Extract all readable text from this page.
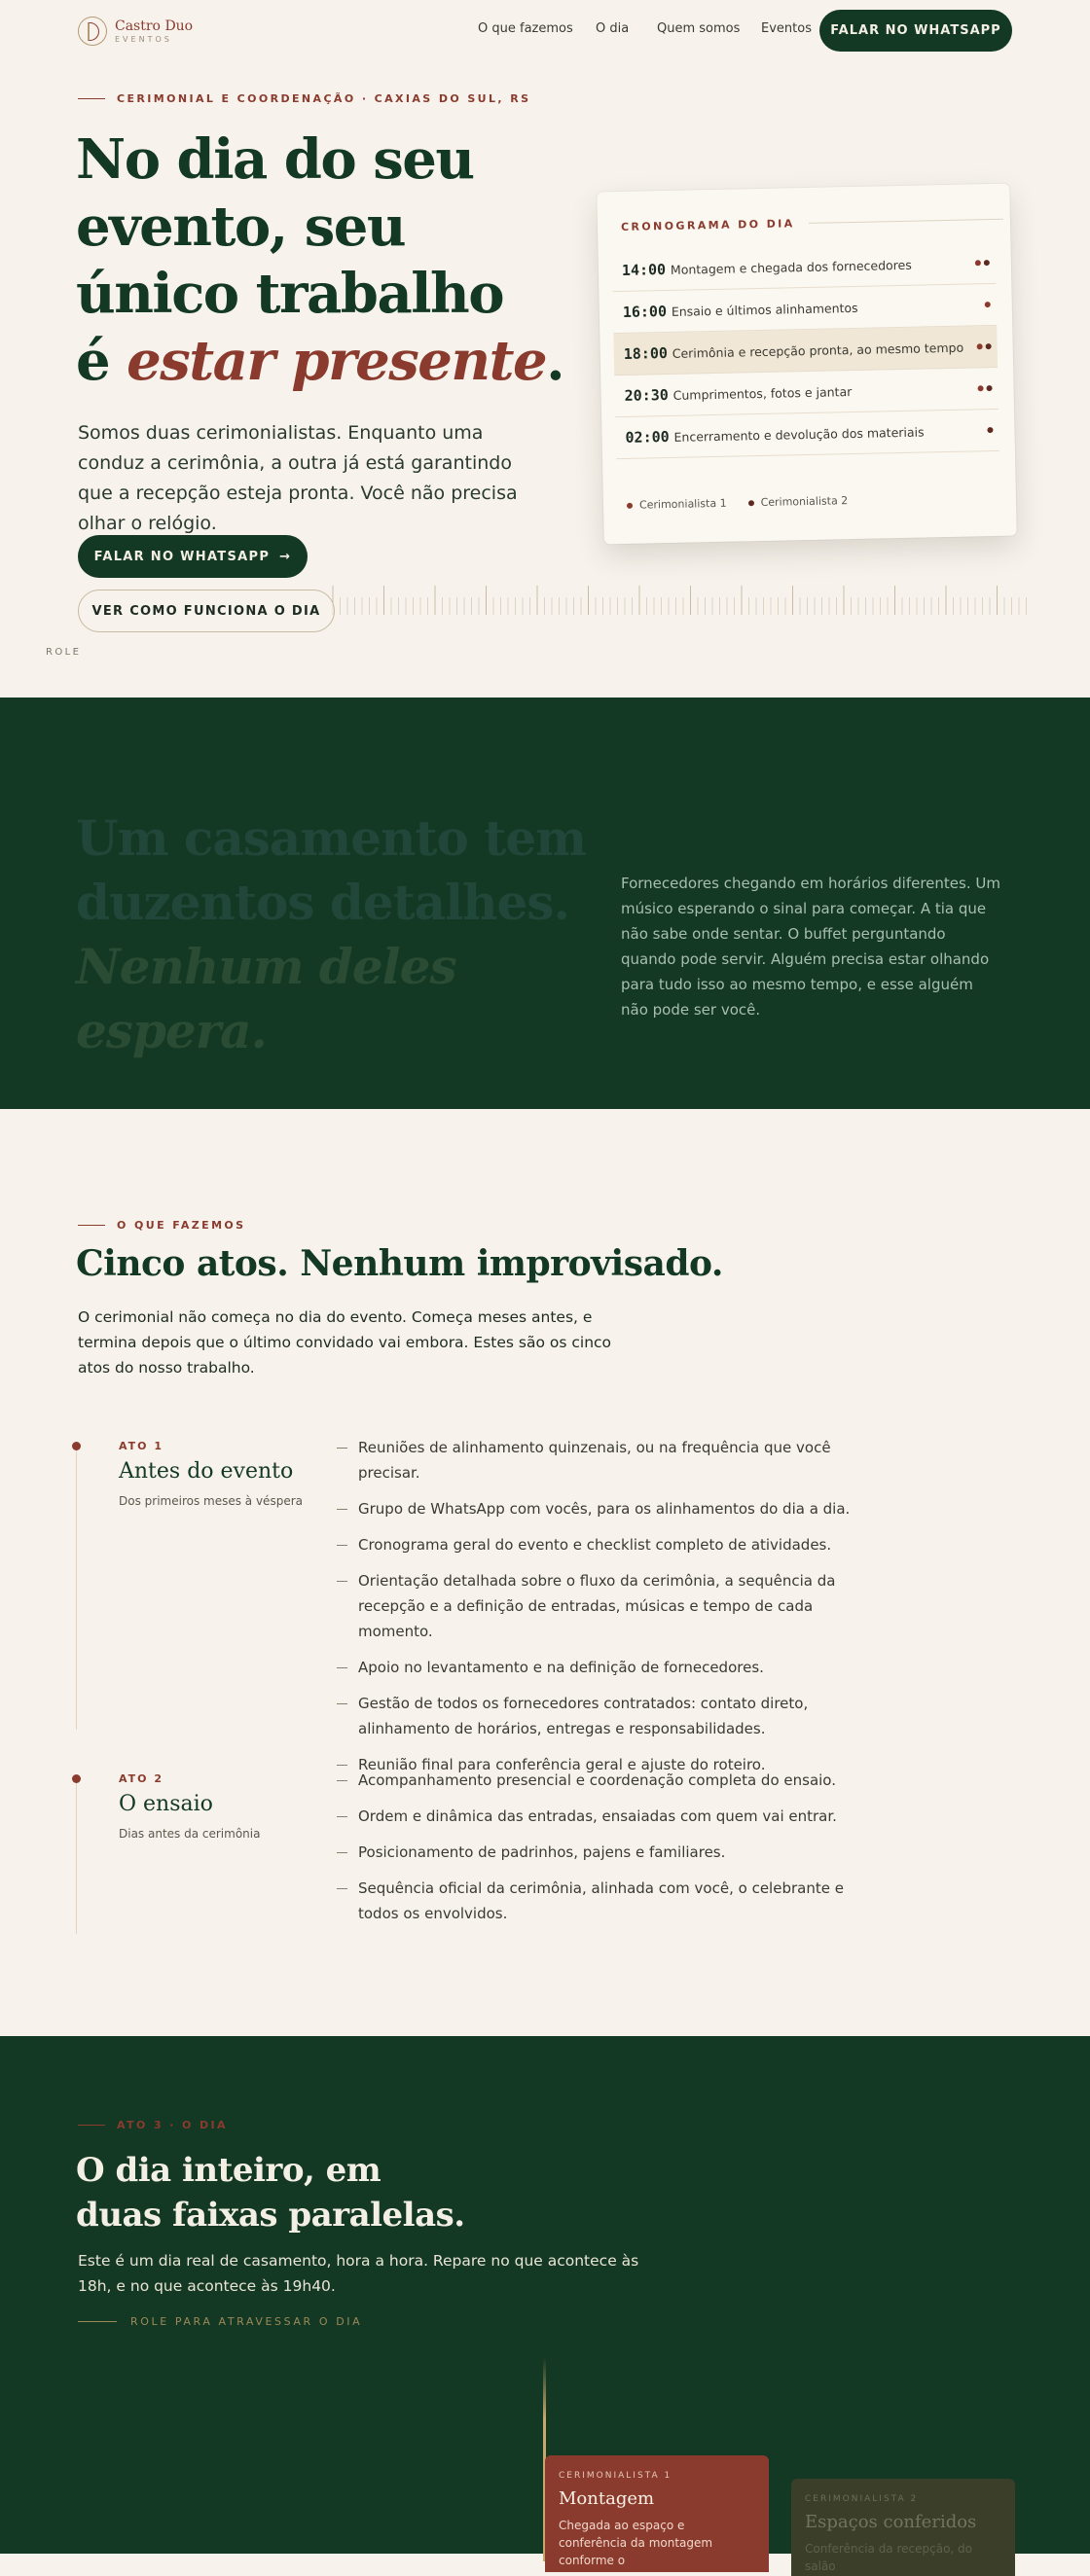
Castro Duo
EVENTOS
O que fazemos O dia Quem somos Eventos	FALAR NO WHATSAPP
CERIMONIAL E COORDENAÇÃO · CAXIAS DO SUL, RS
No dia do seu
evento, seu
único trabalho
é estar presente.

Somos duas cerimonialistas. Enquanto uma conduz a cerimônia, a outra já está garantindo que a recepção esteja pronta. Você não precisa olhar o relógio.

FALAR NO WHATSAPP →
VER COMO FUNCIONA O DIA
ROLE
CRONOGRAMA DO DIA
14:00 Montagem e chegada dos fornecedores
16:00 Ensaio e últimos alinhamentos
18:00 Cerimônia e recepção pronta, ao mesmo tempo
20:30 Cumprimentos, fotos e jantar
02:00 Encerramento e devolução dos materiais
Cerimonialista 1	Cerimonialista 2
Um casamento tem
duzentos detalhes.
Nenhum deles espera.

Fornecedores chegando em horários diferentes. Um músico esperando o sinal para começar. A tia que não sabe onde sentar. O buffet perguntando quando pode servir. Alguém precisa estar olhando para tudo isso ao mesmo tempo, e esse alguém não pode ser você.

O QUE FAZEMOS
Cinco atos. Nenhum improvisado.

O cerimonial não começa no dia do evento. Começa meses antes, e termina depois que o último convidado vai embora. Estes são os cinco atos do nosso trabalho.

ATO 1
Antes do evento
Dos primeiros meses à véspera
Reuniões de alinhamento quinzenais, ou na frequência que você precisar.
Grupo de WhatsApp com vocês, para os alinhamentos do dia a dia.
Cronograma geral do evento e checklist completo de atividades.
Orientação detalhada sobre o fluxo da cerimônia, a sequência da recepção e a definição de entradas, músicas e tempo de cada momento.
Apoio no levantamento e na definição de fornecedores.
Gestão de todos os fornecedores contratados: contato direto, alinhamento de horários, entregas e responsabilidades.
Reunião final para conferência geral e ajuste do roteiro.
ATO 2
O ensaio
Dias antes da cerimônia
Acompanhamento presencial e coordenação completa do ensaio.
Ordem e dinâmica das entradas, ensaiadas com quem vai entrar.
Posicionamento de padrinhos, pajens e familiares.
Sequência oficial da cerimônia, alinhada com você, o celebrante e todos os envolvidos.
ATO 3 · O DIA
O dia inteiro, em
duas faixas paralelas.

Este é um dia real de casamento, hora a hora. Repare no que acontece às 18h, e no que acontece às 19h40.

ROLE PARA ATRAVESSAR O DIA
CERIMONIALISTA 1
Montagem
Chegada ao espaço e conferência da montagem conforme o
CERIMONIALISTA 2
Espaços conferidos
Conferência da recepção, do salão
